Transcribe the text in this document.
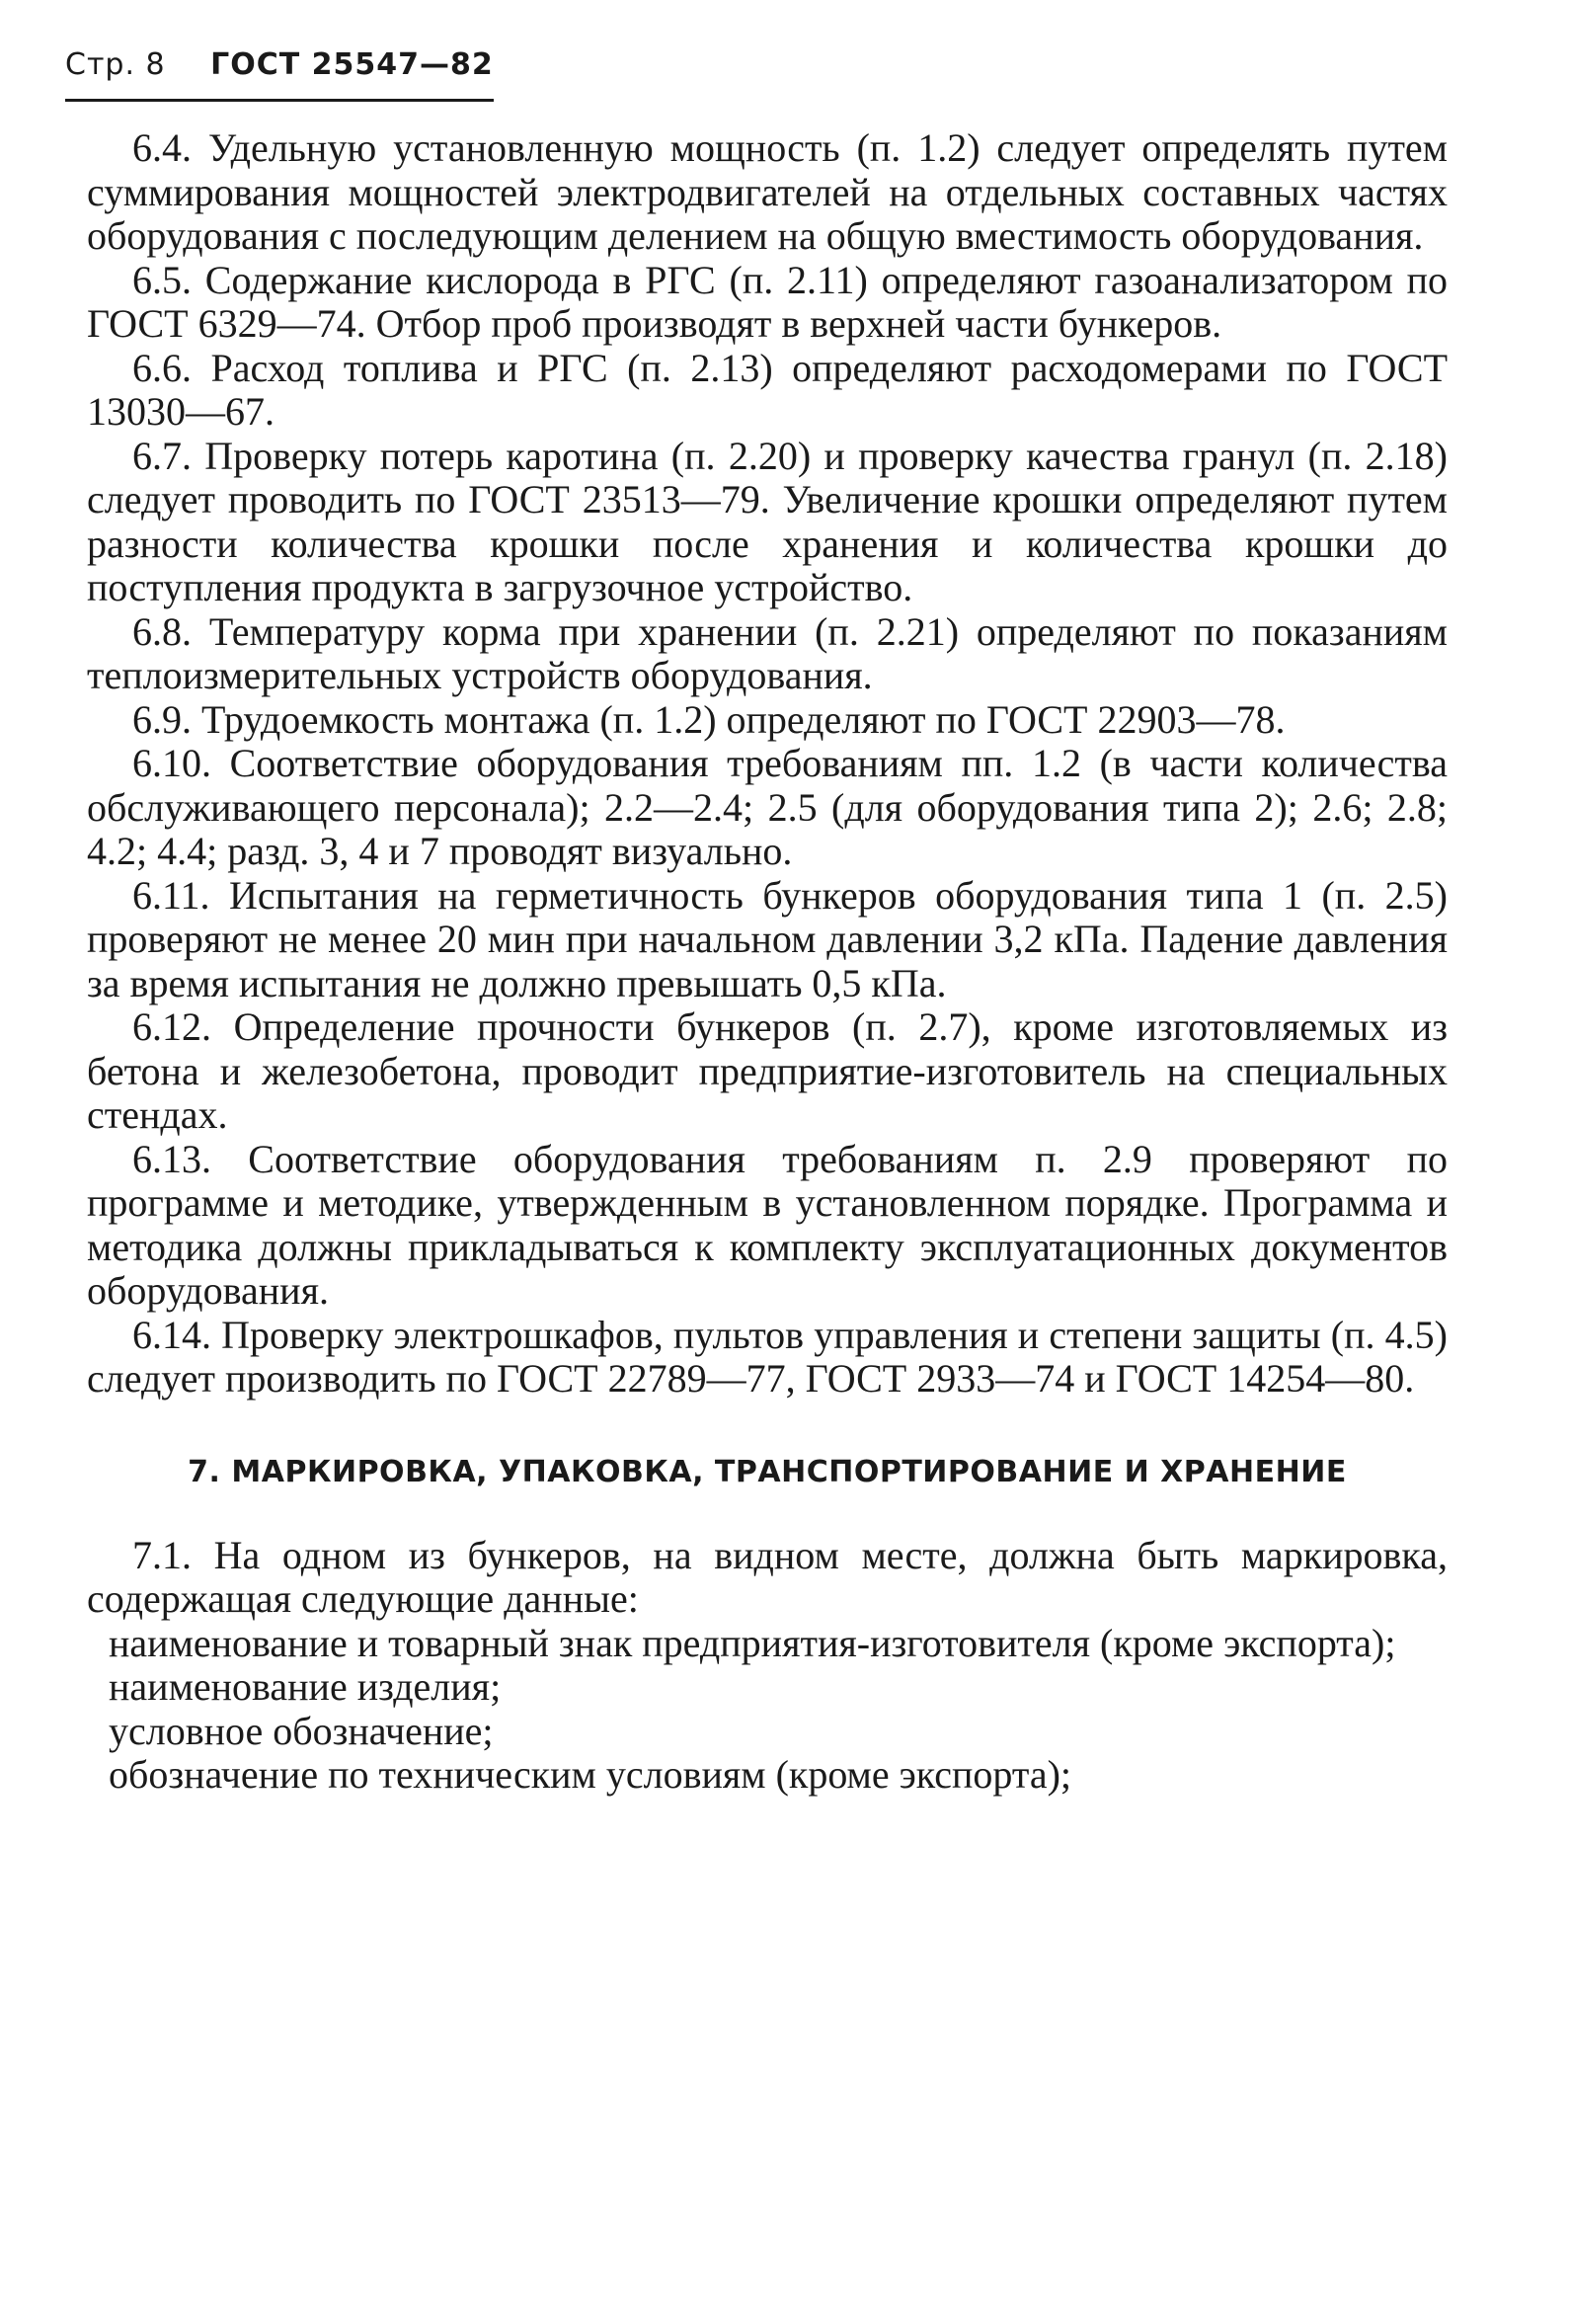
Стр. 8 ГОСТ 25547—82

6.4. Удельную установленную мощность (п. 1.2) следует определять путем суммирования мощностей электродвигателей на отдельных составных частях оборудования с последующим делением на общую вместимость оборудования.

6.5. Содержание кислорода в РГС (п. 2.11) определяют газоанализатором по ГОСТ 6329—74. Отбор проб производят в верхней части бункеров.

6.6. Расход топлива и РГС (п. 2.13) определяют расходомерами по ГОСТ 13030—67.

6.7. Проверку потерь каротина (п. 2.20) и проверку качества гранул (п. 2.18) следует проводить по ГОСТ 23513—79. Увеличение крошки определяют путем разности количества крошки после хранения и количества крошки до поступления продукта в загрузочное устройство.

6.8. Температуру корма при хранении (п. 2.21) определяют по показаниям теплоизмерительных устройств оборудования.

6.9. Трудоемкость монтажа (п. 1.2) определяют по ГОСТ 22903—78.

6.10. Соответствие оборудования требованиям пп. 1.2 (в части количества обслуживающего персонала); 2.2—2.4; 2.5 (для оборудования типа 2); 2.6; 2.8; 4.2; 4.4; разд. 3, 4 и 7 проводят визуально.

6.11. Испытания на герметичность бункеров оборудования типа 1 (п. 2.5) проверяют не менее 20 мин при начальном давлении 3,2 кПа. Падение давления за время испытания не должно превышать 0,5 кПа.

6.12. Определение прочности бункеров (п. 2.7), кроме изготовляемых из бетона и железобетона, проводит предприятие-изготовитель на специальных стендах.

6.13. Соответствие оборудования требованиям п. 2.9 проверяют по программе и методике, утвержденным в установленном порядке. Программа и методика должны прикладываться к комплекту эксплуатационных документов оборудования.

6.14. Проверку электрошкафов, пультов управления и степени защиты (п. 4.5) следует производить по ГОСТ 22789—77, ГОСТ 2933—74 и ГОСТ 14254—80.

7. МАРКИРОВКА, УПАКОВКА, ТРАНСПОРТИРОВАНИЕ И ХРАНЕНИЕ

7.1. На одном из бункеров, на видном месте, должна быть маркировка, содержащая следующие данные:

наименование и товарный знак предприятия-изготовителя (кроме экспорта);

наименование изделия;

условное обозначение;

обозначение по техническим условиям (кроме экспорта);
